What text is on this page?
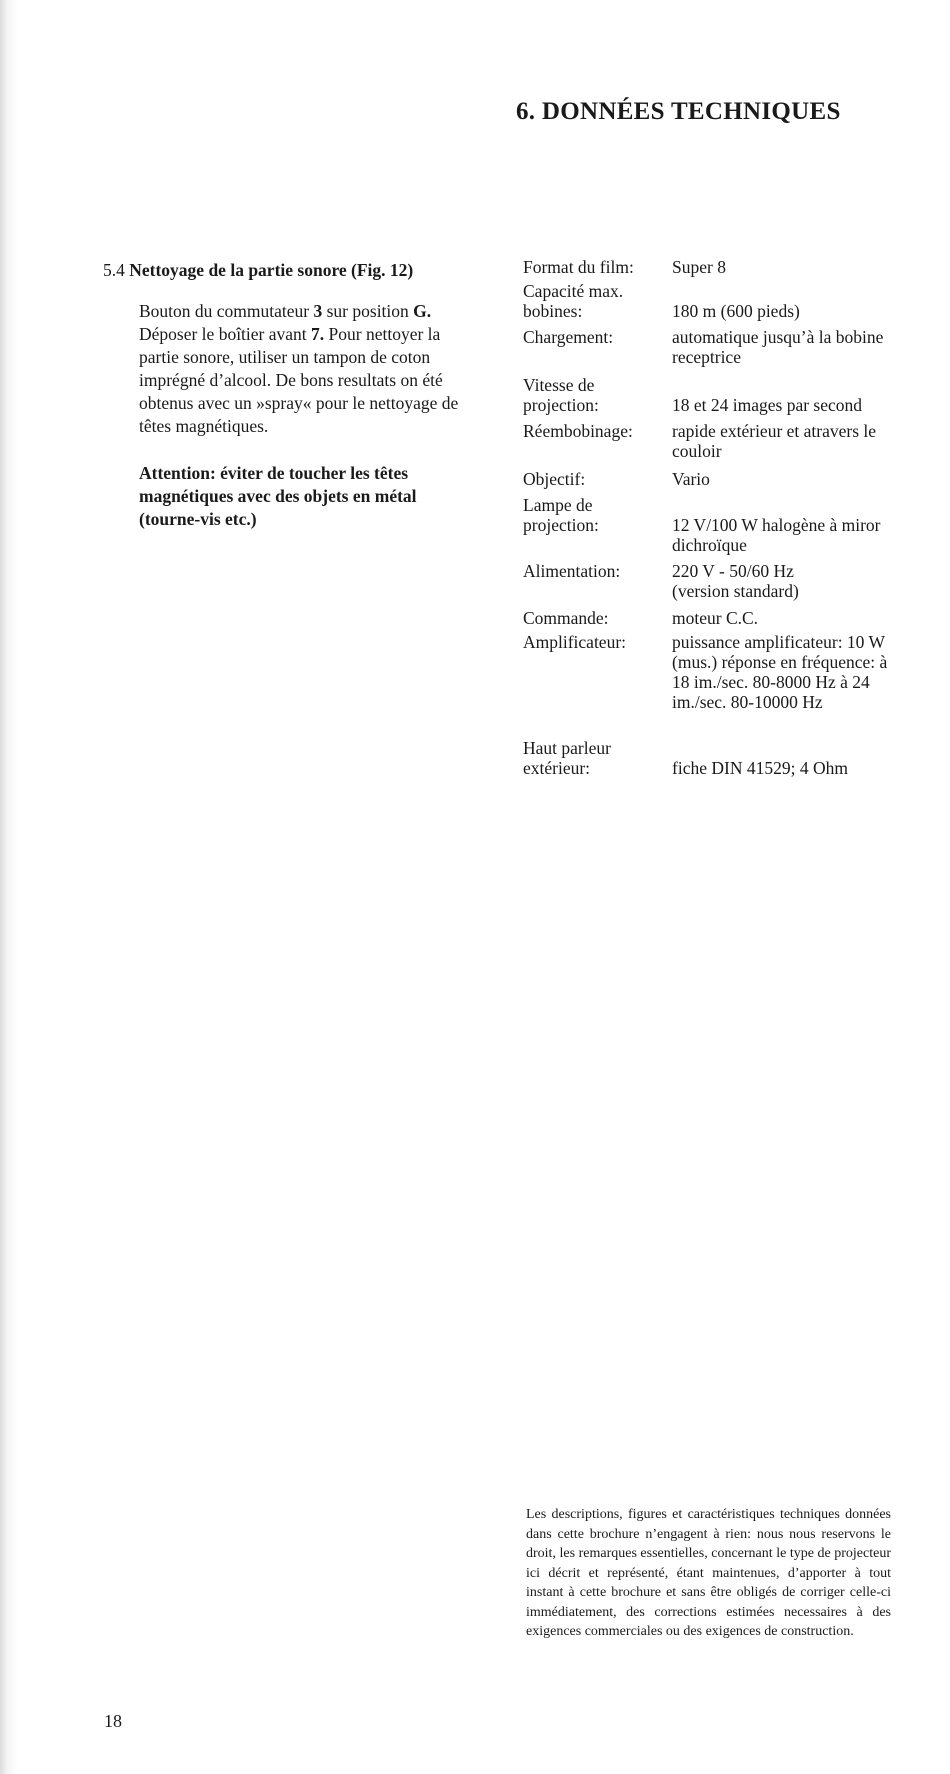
6. DONNÉES TECHNIQUES

5.4 Nettoyage de la partie sonore (Fig. 12)

Bouton du commutateur 3 sur position G. Déposer le boîtier avant 7. Pour nettoyer la partie sonore, utiliser un tampon de coton imprégné d’alcool. De bons resultats on été obtenus avec un »spray« pour le nettoyage de têtes magnétiques.

Attention: éviter de toucher les têtes magnétiques avec des objets en métal (tourne-vis etc.)

Format du film:	Super 8
Capacité max. bobines:	180 m (600 pieds)
Chargement:	automatique jusqu’à la bobine receptrice
Vitesse de projection:	18 et 24 images par second
Réembobinage:	rapide extérieur et atravers le couloir
Objectif:	Vario
Lampe de projection:	12 V/100 W halogène à miror dichroïque
Alimentation:	220 V - 50/60 Hz (version standard)
Commande:	moteur C.C.
Amplificateur:	puissance amplificateur: 10 W (mus.) réponse en fréquence: à 18 im./sec. 80-8000 Hz à 24 im./sec. 80-10000 Hz
Haut parleur extérieur:	fiche DIN 41529; 4 Ohm

Les descriptions, figures et caractéristiques techniques données dans cette brochure n’engagent à rien: nous nous reservons le droit, les remarques essentielles, concernant le type de projecteur ici décrit et représenté, étant maintenues, d’apporter à tout instant à cette brochure et sans être obligés de corriger celle-ci immédiatement, des corrections estimées necessaires à des exigences commerciales ou des exigences de construction.

18
